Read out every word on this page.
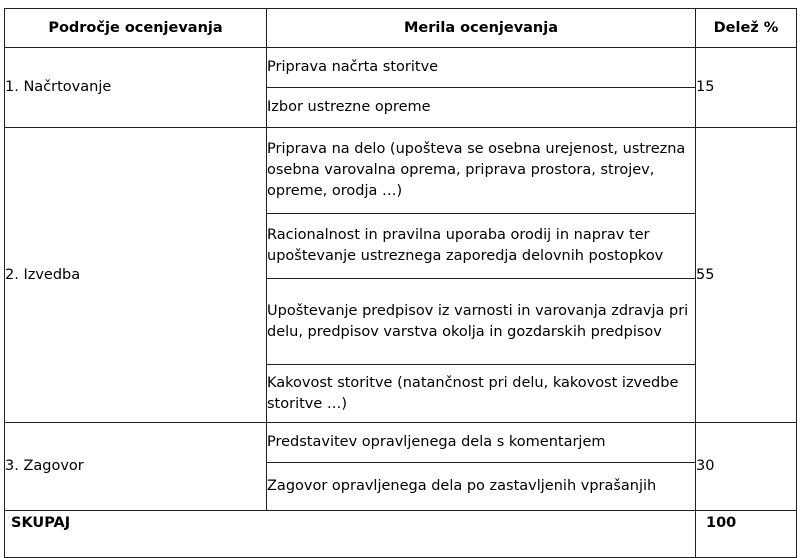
Področje ocenjevanja	Merila ocenjevanja	Delež %
1. Načrtovanje	Priprava načrta storitve	15
	Izbor ustrezne opreme	
2. Izvedba	Priprava na delo (upošteva se osebna urejenost, ustrezna osebna varovalna oprema, priprava prostora, strojev, opreme, orodja …)	55
	Racionalnost in pravilna uporaba orodij in naprav ter upoštevanje ustreznega zaporedja delovnih postopkov	
	Upoštevanje predpisov iz varnosti in varovanja zdravja pri delu, predpisov varstva okolja in gozdarskih predpisov	
	Kakovost storitve (natančnost pri delu, kakovost izvedbe storitve …)	
3. Zagovor	Predstavitev opravljenega dela s komentarjem	30
	Zagovor opravljenega dela po zastavljenih vprašanjih	
SKUPAJ		100
